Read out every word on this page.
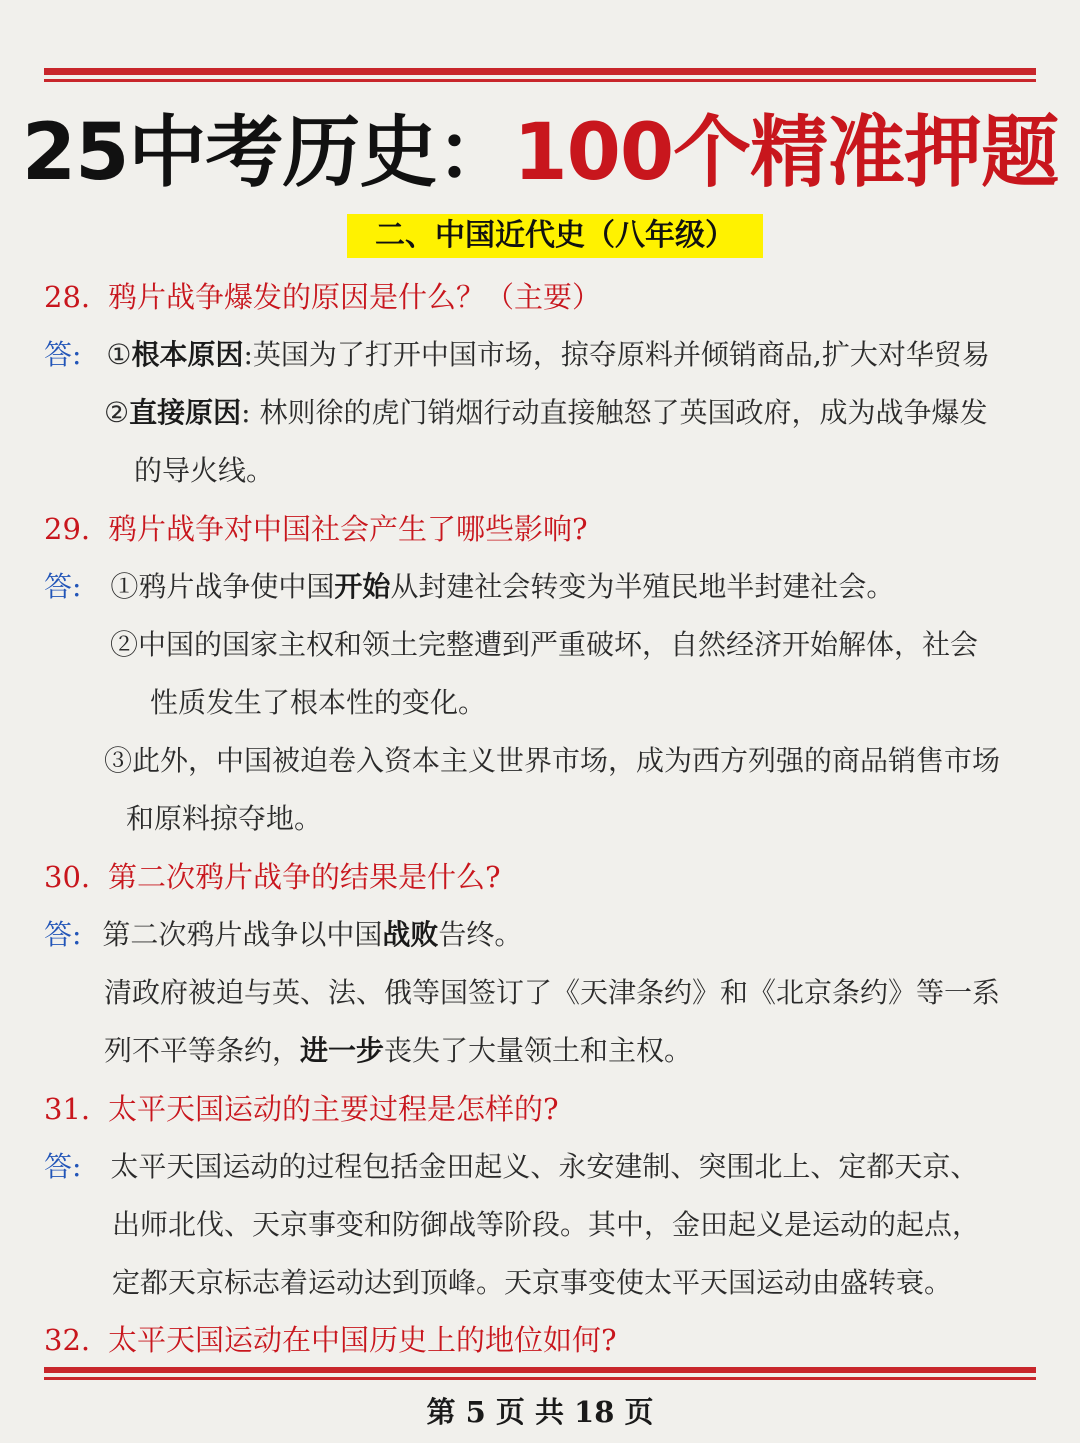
25中考历史：100个精准押题
二、中国近代史（八年级）
28. 鸦片战争爆发的原因是什么？（主要）
答: ①根本原因:英国为了打开中国市场，掠夺原料并倾销商品,扩大对华贸易
②直接原因: 林则徐的虎门销烟行动直接触怒了英国政府，成为战争爆发
的导火线。
29. 鸦片战争对中国社会产生了哪些影响?
答: ①鸦片战争使中国开始从封建社会转变为半殖民地半封建社会。
②中国的国家主权和领土完整遭到严重破坏，自然经济开始解体，社会
性质发生了根本性的变化。
③此外，中国被迫卷入资本主义世界市场，成为西方列强的商品销售市场
和原料掠夺地。
30. 第二次鸦片战争的结果是什么?
答: 第二次鸦片战争以中国战败告终。
清政府被迫与英、法、俄等国签订了《天津条约》和《北京条约》等一系
列不平等条约，进一步丧失了大量领土和主权。
31. 太平天国运动的主要过程是怎样的?
答: 太平天国运动的过程包括金田起义、永安建制、突围北上、定都天京、
出师北伐、天京事变和防御战等阶段。其中，金田起义是运动的起点，
定都天京标志着运动达到顶峰。天京事变使太平天国运动由盛转衰。
32. 太平天国运动在中国历史上的地位如何?
第 5 页 共 18 页
